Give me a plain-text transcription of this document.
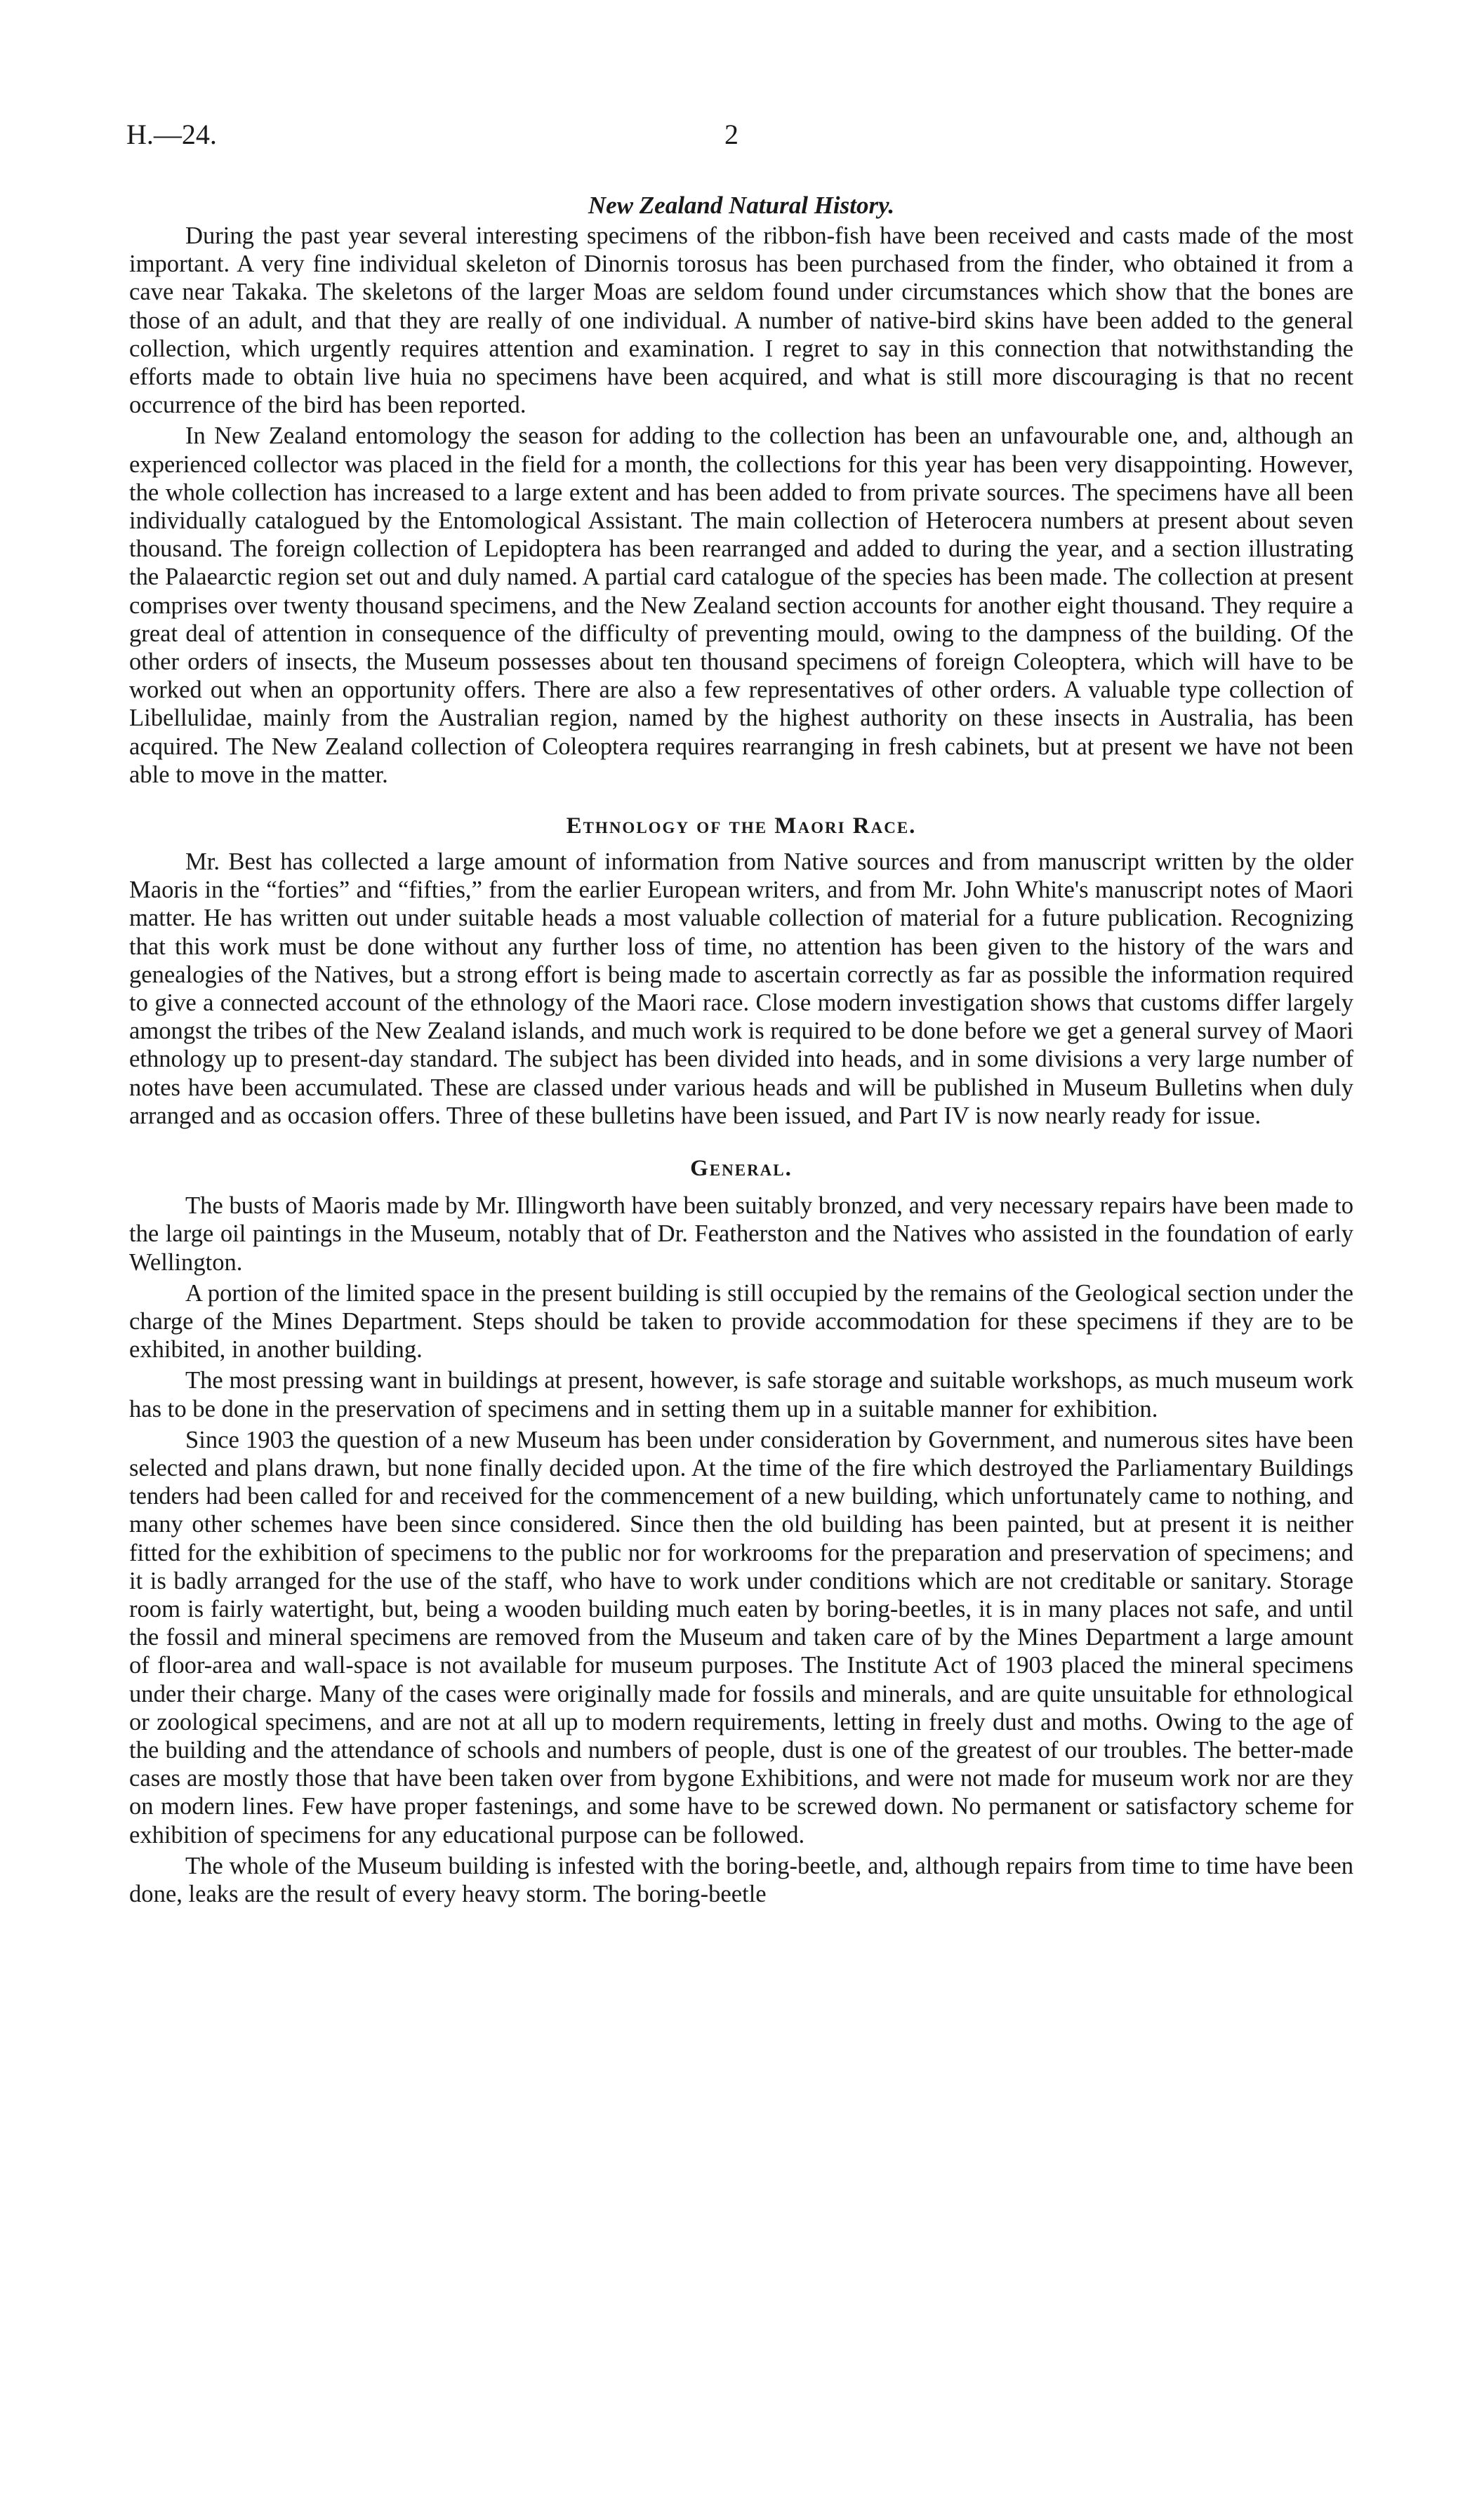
H.—24.	2
New Zealand Natural History.

During the past year several interesting specimens of the ribbon-fish have been received and casts made of the most important. A very fine individual skeleton of Dinornis torosus has been purchased from the finder, who obtained it from a cave near Takaka. The skeletons of the larger Moas are seldom found under circumstances which show that the bones are those of an adult, and that they are really of one individual. A number of native-bird skins have been added to the general collection, which urgently requires attention and examination. I regret to say in this connection that notwithstanding the efforts made to obtain live huia no specimens have been acquired, and what is still more discouraging is that no recent occurrence of the bird has been reported.

In New Zealand entomology the season for adding to the collection has been an unfavourable one, and, although an experienced collector was placed in the field for a month, the collections for this year has been very disappointing. However, the whole collection has increased to a large extent and has been added to from private sources. The specimens have all been individually catalogued by the Entomological Assistant. The main collection of Heterocera numbers at present about seven thousand. The foreign collection of Lepidoptera has been rearranged and added to during the year, and a section illustrating the Palaearctic region set out and duly named. A partial card catalogue of the species has been made. The collection at present comprises over twenty thousand specimens, and the New Zealand section accounts for another eight thousand. They require a great deal of attention in consequence of the difficulty of preventing mould, owing to the dampness of the building. Of the other orders of insects, the Museum possesses about ten thousand specimens of foreign Coleoptera, which will have to be worked out when an opportunity offers. There are also a few representatives of other orders. A valuable type collection of Libellulidae, mainly from the Australian region, named by the highest authority on these insects in Australia, has been acquired. The New Zealand collection of Coleoptera requires rearranging in fresh cabinets, but at present we have not been able to move in the matter.

Ethnology of the Maori Race.

Mr. Best has collected a large amount of information from Native sources and from manuscript written by the older Maoris in the “forties” and “fifties,” from the earlier European writers, and from Mr. John White's manuscript notes of Maori matter. He has written out under suitable heads a most valuable collection of material for a future publication. Recognizing that this work must be done without any further loss of time, no attention has been given to the history of the wars and genealogies of the Natives, but a strong effort is being made to ascertain correctly as far as possible the information required to give a connected account of the ethnology of the Maori race. Close modern investigation shows that customs differ largely amongst the tribes of the New Zealand islands, and much work is required to be done before we get a general survey of Maori ethnology up to present-day standard. The subject has been divided into heads, and in some divisions a very large number of notes have been accumulated. These are classed under various heads and will be published in Museum Bulletins when duly arranged and as occasion offers. Three of these bulletins have been issued, and Part IV is now nearly ready for issue.

General.

The busts of Maoris made by Mr. Illingworth have been suitably bronzed, and very necessary repairs have been made to the large oil paintings in the Museum, notably that of Dr. Featherston and the Natives who assisted in the foundation of early Wellington.

A portion of the limited space in the present building is still occupied by the remains of the Geological section under the charge of the Mines Department. Steps should be taken to provide accommodation for these specimens if they are to be exhibited, in another building.

The most pressing want in buildings at present, however, is safe storage and suitable workshops, as much museum work has to be done in the preservation of specimens and in setting them up in a suitable manner for exhibition.

Since 1903 the question of a new Museum has been under consideration by Government, and numerous sites have been selected and plans drawn, but none finally decided upon. At the time of the fire which destroyed the Parliamentary Buildings tenders had been called for and received for the commencement of a new building, which unfortunately came to nothing, and many other schemes have been since considered. Since then the old building has been painted, but at present it is neither fitted for the exhibition of specimens to the public nor for workrooms for the preparation and preservation of specimens; and it is badly arranged for the use of the staff, who have to work under conditions which are not creditable or sanitary. Storage room is fairly watertight, but, being a wooden building much eaten by boring-beetles, it is in many places not safe, and until the fossil and mineral specimens are removed from the Museum and taken care of by the Mines Department a large amount of floor-area and wall-space is not available for museum purposes. The Institute Act of 1903 placed the mineral specimens under their charge. Many of the cases were originally made for fossils and minerals, and are quite unsuitable for ethnological or zoological specimens, and are not at all up to modern requirements, letting in freely dust and moths. Owing to the age of the building and the attendance of schools and numbers of people, dust is one of the greatest of our troubles. The better-made cases are mostly those that have been taken over from bygone Exhibitions, and were not made for museum work nor are they on modern lines. Few have proper fastenings, and some have to be screwed down. No permanent or satisfactory scheme for exhibition of specimens for any educational purpose can be followed.

The whole of the Museum building is infested with the boring-beetle, and, although repairs from time to time have been done, leaks are the result of every heavy storm. The boring-beetle
